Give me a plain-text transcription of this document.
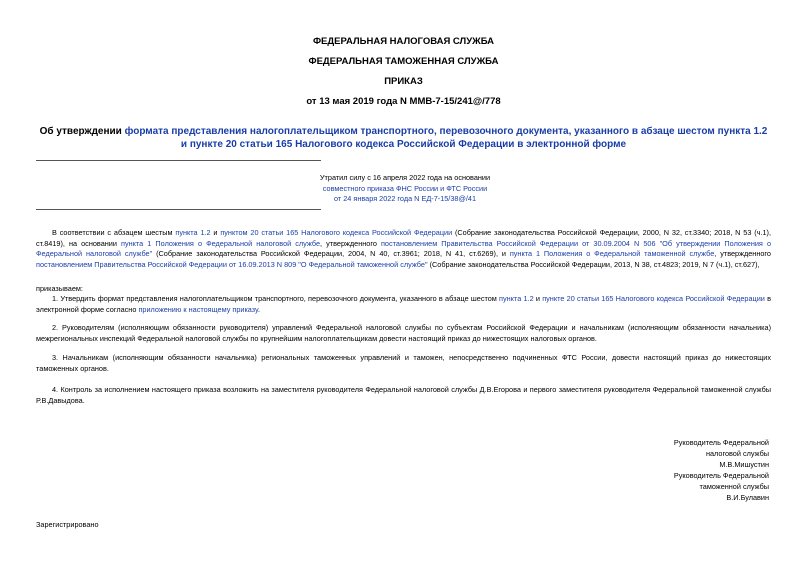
ФЕДЕРАЛЬНАЯ НАЛОГОВАЯ СЛУЖБА
ФЕДЕРАЛЬНАЯ ТАМОЖЕННАЯ СЛУЖБА
ПРИКАЗ
от 13 мая 2019 года N ММВ-7-15/241@/778
Об утверждении формата представления налогоплательщиком транспортного, перевозочного документа, указанного в абзаце шестом пункта 1.2 и пункте 20 статьи 165 Налогового кодекса Российской Федерации в электронной форме
Утратил силу с 16 апреля 2022 года на основании
совместного приказа ФНС России и ФТС России
от 24 января 2022 года N ЕД-7-15/38@/41

В соответствии с абзацем шестым пункта 1.2 и пунктом 20 статьи 165 Налогового кодекса Российской Федерации (Собрание законодательства Российской Федерации, 2000, N 32, ст.3340; 2018, N 53 (ч.1), ст.8419), на основании пункта 1 Положения о Федеральной налоговой службе, утвержденного постановлением Правительства Российской Федерации от 30.09.2004 N 506 "Об утверждении Положения о Федеральной налоговой службе" (Собрание законодательства Российской Федерации, 2004, N 40, ст.3961; 2018, N 41, ст.6269), и пункта 1 Положения о Федеральной таможенной службе, утвержденного постановлением Правительства Российской Федерации от 16.09.2013 N 809 "О Федеральной таможенной службе" (Собрание законодательства Российской Федерации, 2013, N 38, ст.4823; 2019, N 7 (ч.1), ст.627),

приказываем:

1. Утвердить формат представления налогоплательщиком транспортного, перевозочного документа, указанного в абзаце шестом пункта 1.2 и пункте 20 статьи 165 Налогового кодекса Российской Федерации в электронной форме согласно приложению к настоящему приказу.

2. Руководителям (исполняющим обязанности руководителя) управлений Федеральной налоговой службы по субъектам Российской Федерации и начальникам (исполняющим обязанности начальника) межрегиональных инспекций Федеральной налоговой службы по крупнейшим налогоплательщикам довести настоящий приказ до нижестоящих налоговых органов.

3. Начальникам (исполняющим обязанности начальника) региональных таможенных управлений и таможен, непосредственно подчиненных ФТС России, довести настоящий приказ до нижестоящих таможенных органов.

4. Контроль за исполнением настоящего приказа возложить на заместителя руководителя Федеральной налоговой службы Д.В.Егорова и первого заместителя руководителя Федеральной таможенной службы Р.В.Давыдова.

Руководитель Федеральной
налоговой службы
М.В.Мишустин
Руководитель Федеральной
таможенной службы
В.И.Булавин
Зарегистрировано
